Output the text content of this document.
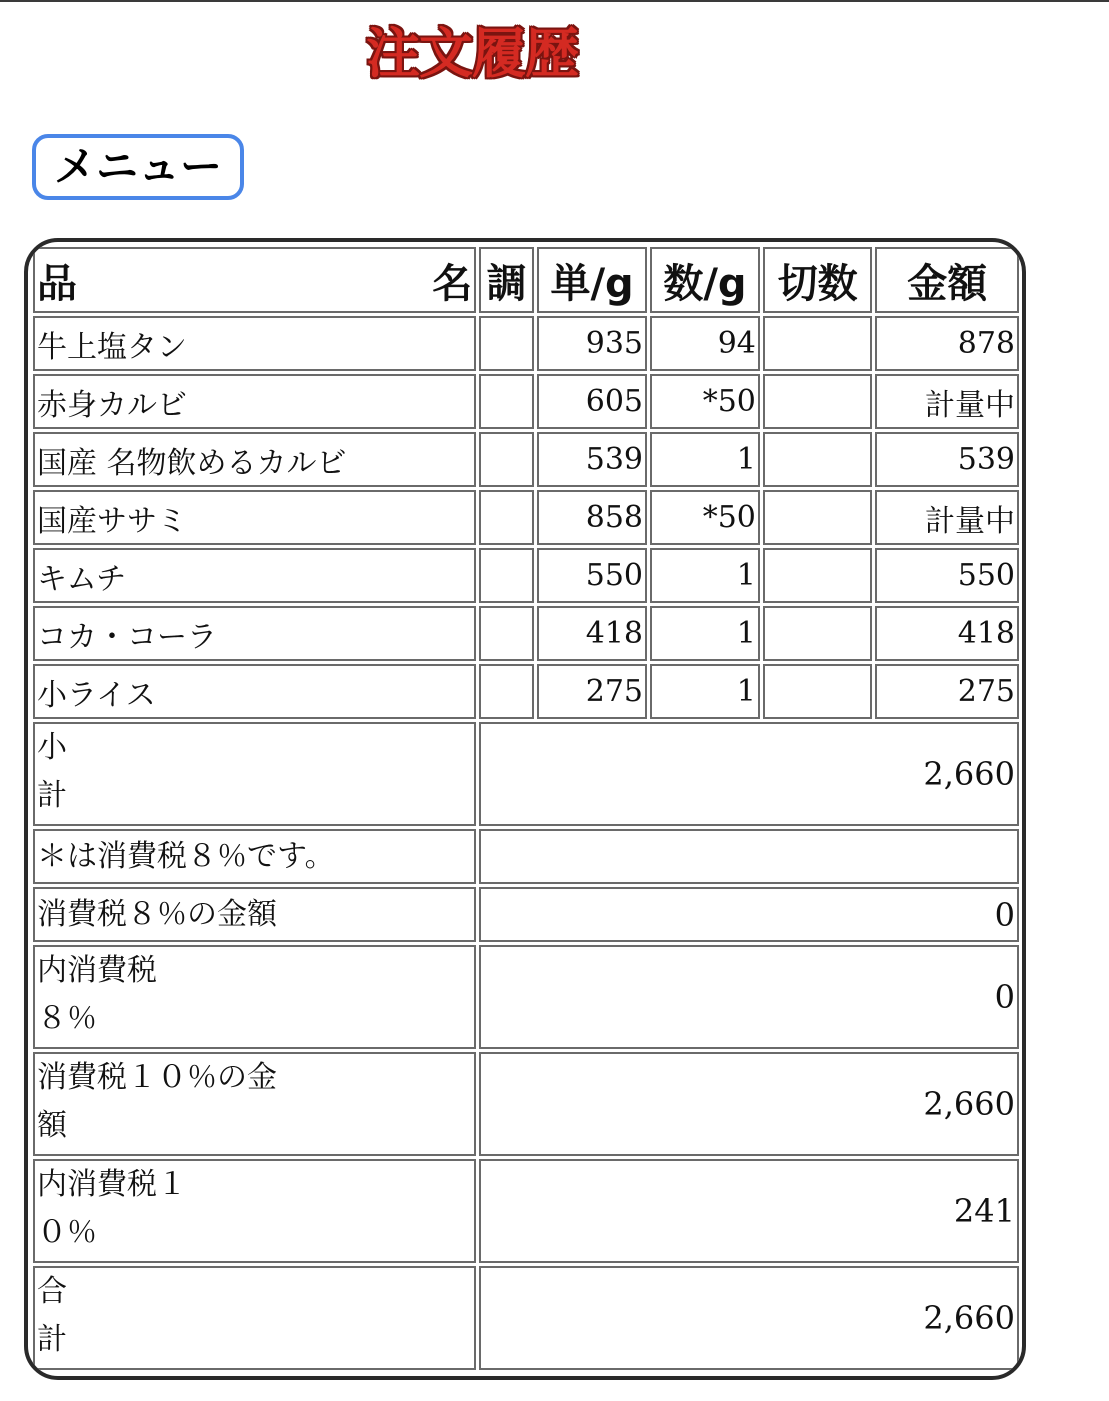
注文履歴
メニュー
品 名	調	単/g	数/g	切数	金額
牛上塩タン		935	94		878
赤身カルビ		605	*50		計量中
国産 名物飲めるカルビ		539	1		539
国産ササミ		858	*50		計量中
キムチ		550	1		550
コカ・コーラ		418	1		418
小ライス		275	1		275

小
計	2,660				

＊は消費税８％です。					

消費税８％の金額	0				

内消費税
８％	0				

消費税１０％の金
額	2,660				

内消費税１
０％	241				

合
計	2,660				
